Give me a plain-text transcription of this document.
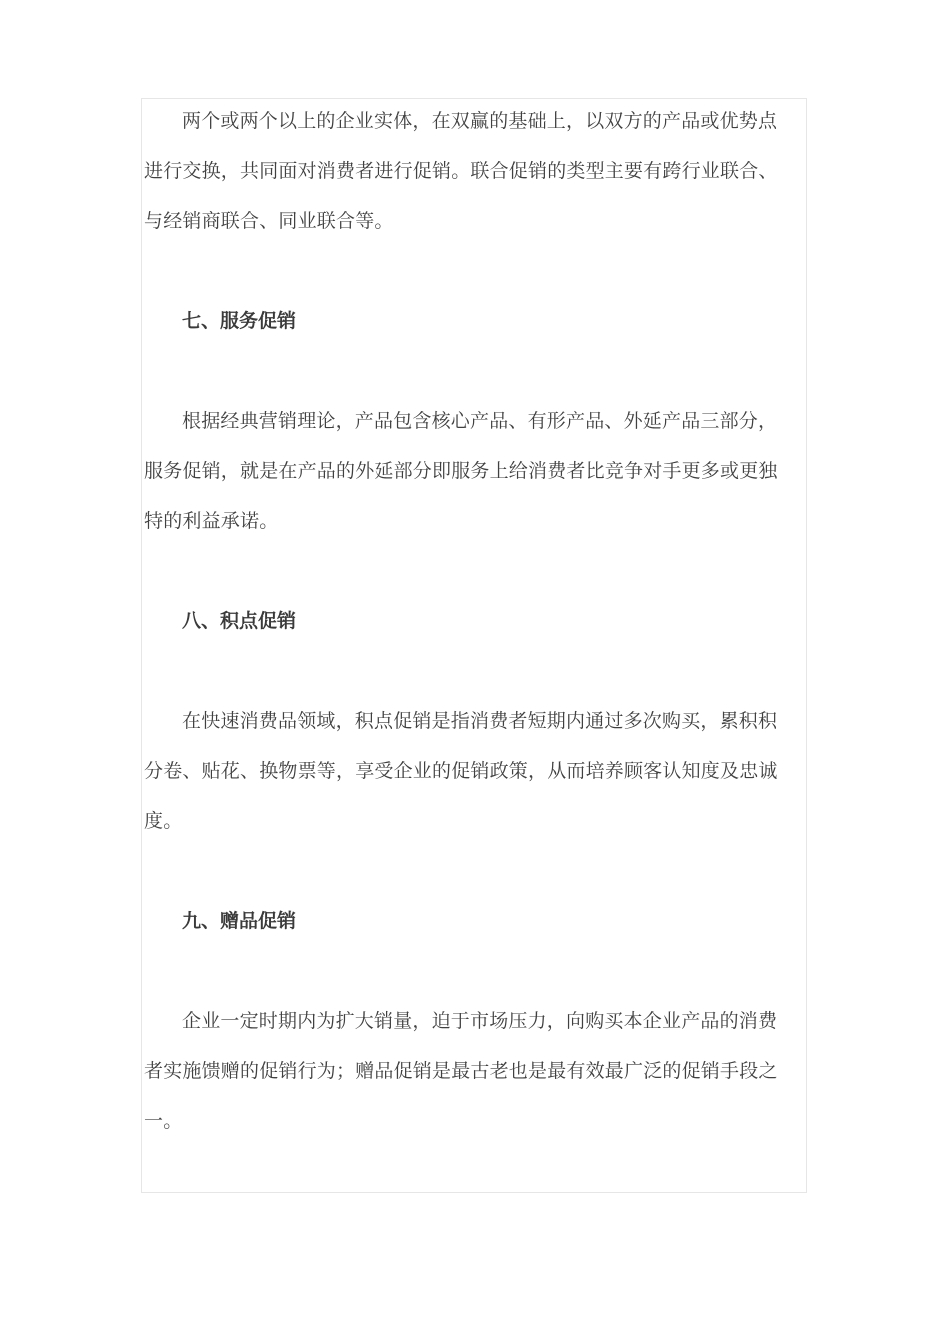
两个或两个以上的企业实体，在双赢的基础上，以双方的产品或优势点进行交换，共同面对消费者进行促销。联合促销的类型主要有跨行业联合、与经销商联合、同业联合等。

七、服务促销

根据经典营销理论，产品包含核心产品、有形产品、外延产品三部分，服务促销，就是在产品的外延部分即服务上给消费者比竞争对手更多或更独特的利益承诺。

八、积点促销

在快速消费品领域，积点促销是指消费者短期内通过多次购买，累积积分卷、贴花、换物票等，享受企业的促销政策，从而培养顾客认知度及忠诚度。

九、赠品促销

企业一定时期内为扩大销量，迫于市场压力，向购买本企业产品的消费者实施馈赠的促销行为；赠品促销是最古老也是最有效最广泛的促销手段之一。
